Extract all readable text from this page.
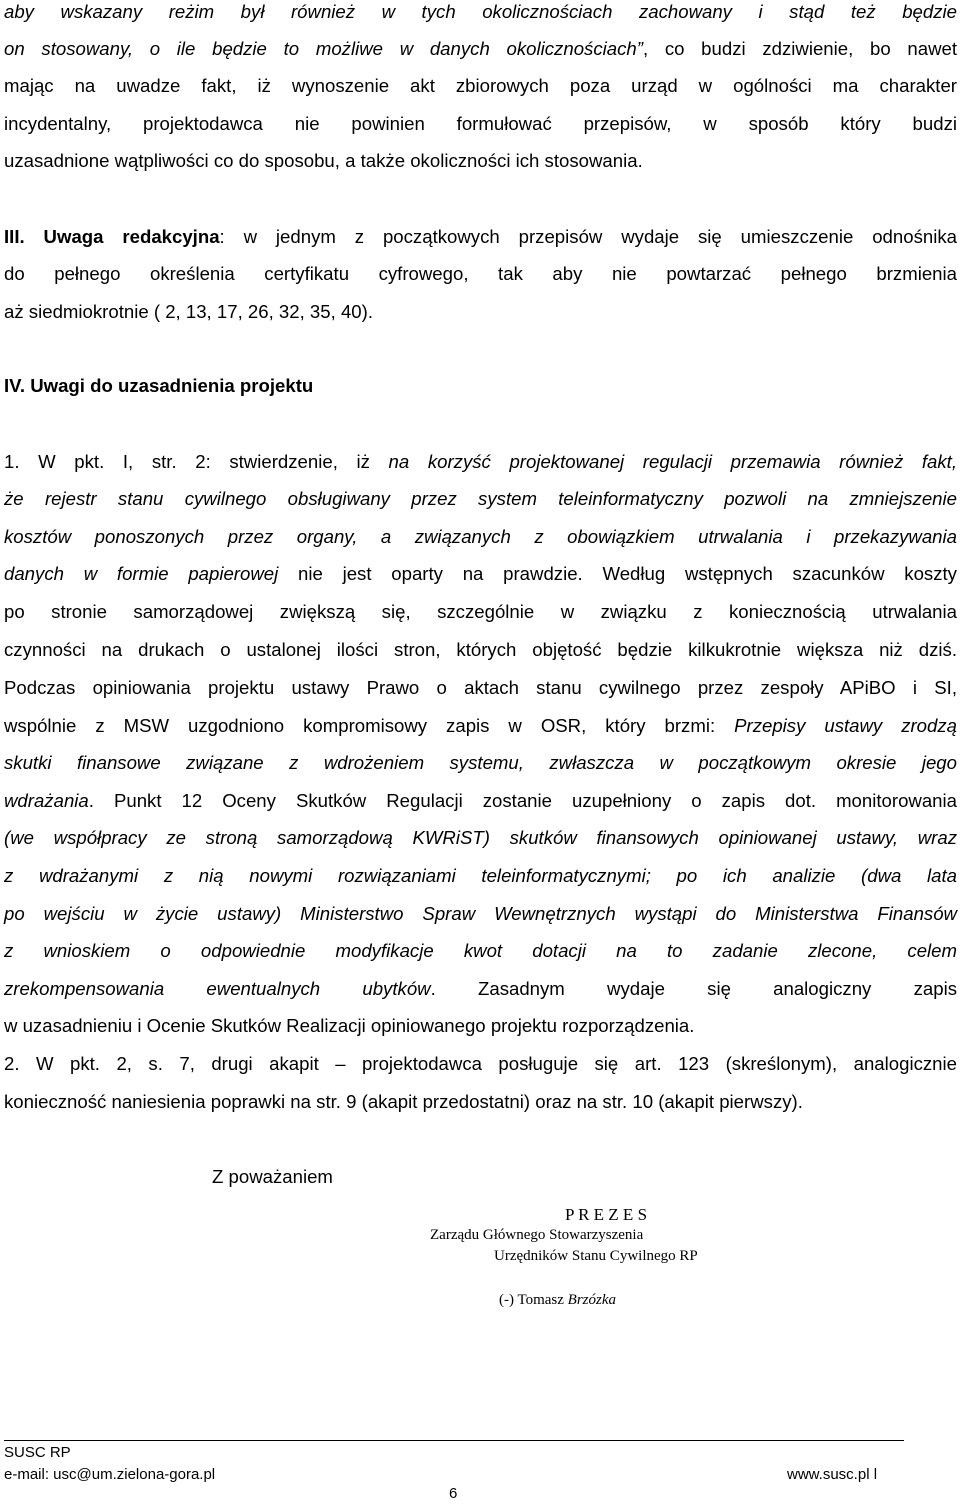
aby wskazany reżim był również w tych okolicznościach zachowany i stąd też będzie
on stosowany, o ile będzie to możliwe w danych okolicznościach”, co budzi zdziwienie, bo nawet
mając na uwadze fakt, iż wynoszenie akt zbiorowych poza urząd w ogólności ma charakter
incydentalny, projektodawca nie powinien formułować przepisów, w sposób który budzi
uzasadnione wątpliwości co do sposobu, a także okoliczności ich stosowania.
III. Uwaga redakcyjna: w jednym z początkowych przepisów wydaje się umieszczenie odnośnika
do pełnego określenia certyfikatu cyfrowego, tak aby nie powtarzać pełnego brzmienia
aż siedmiokrotnie ( 2, 13, 17, 26, 32, 35, 40).
IV. Uwagi do uzasadnienia projektu
1. W pkt. I, str. 2: stwierdzenie, iż na korzyść projektowanej regulacji przemawia również fakt,
że rejestr stanu cywilnego obsługiwany przez system teleinformatyczny pozwoli na zmniejszenie
kosztów ponoszonych przez organy, a związanych z obowiązkiem utrwalania i przekazywania
danych w formie papierowej nie jest oparty na prawdzie. Według wstępnych szacunków koszty
po stronie samorządowej zwiększą się, szczególnie w związku z koniecznością utrwalania
czynności na drukach o ustalonej ilości stron, których objętość będzie kilkukrotnie większa niż dziś.
Podczas opiniowania projektu ustawy Prawo o aktach stanu cywilnego przez zespoły APiBO i SI,
wspólnie z MSW uzgodniono kompromisowy zapis w OSR, który brzmi: Przepisy ustawy zrodzą
skutki finansowe związane z wdrożeniem systemu, zwłaszcza w początkowym okresie jego
wdrażania. Punkt 12 Oceny Skutków Regulacji zostanie uzupełniony o zapis dot. monitorowania
(we współpracy ze stroną samorządową KWRiST) skutków finansowych opiniowanej ustawy, wraz
z wdrażanymi z nią nowymi rozwiązaniami teleinformatycznymi; po ich analizie (dwa lata
po wejściu w życie ustawy) Ministerstwo Spraw Wewnętrznych wystąpi do Ministerstwa Finansów
z wnioskiem o odpowiednie modyfikacje kwot dotacji na to zadanie zlecone, celem
zrekompensowania ewentualnych ubytków. Zasadnym wydaje się analogiczny zapis
w uzasadnieniu i Ocenie Skutków Realizacji opiniowanego projektu rozporządzenia.
2. W pkt. 2, s. 7, drugi akapit – projektodawca posługuje się art. 123 (skreślonym), analogicznie
konieczność naniesienia poprawki na str. 9 (akapit przedostatni) oraz na str. 10 (akapit pierwszy).
Z poważaniem
P R E Z E S
Zarządu Głównego Stowarzyszenia
Urzędników Stanu Cywilnego RP
(-) Tomasz Brzózka
SUSC RP
e-mail: usc@um.zielona-gora.pl	www.susc.pl l
6
